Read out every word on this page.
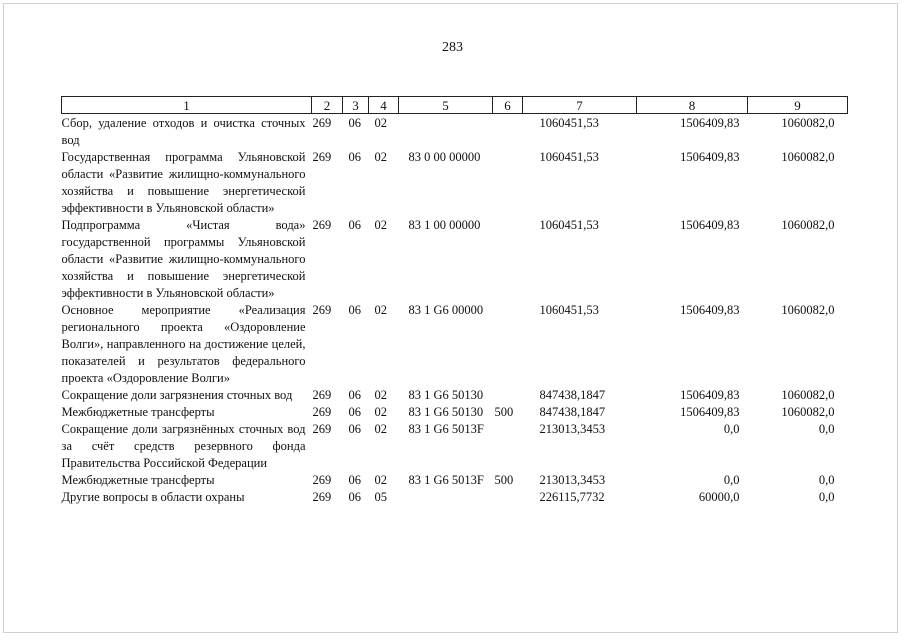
283
1	2	3	4	5	6	7	8	9
Сбор, удаление отходов и очистка сточных вод	269	06	02			1060451,53	1506409,83	1060082,0
Государственная программа Ульяновской области «Развитие жилищно-коммунального хозяйства и повышение энергетической эффективности в Ульяновской области»	269	06	02	83 0 00 00000		1060451,53	1506409,83	1060082,0
Подпрограмма «Чистая вода» государственной программы Ульяновской области «Развитие жилищно-коммунального хозяйства и повышение энергетической эффективности в Ульяновской области»	269	06	02	83 1 00 00000		1060451,53	1506409,83	1060082,0
Основное мероприятие «Реализация регионального проекта «Оздоровление Волги», направленного на достижение целей, показателей и результатов федерального проекта «Оздоровление Волги»	269	06	02	83 1 G6 00000		1060451,53	1506409,83	1060082,0
Сокращение доли загрязнения сточных вод	269	06	02	83 1 G6 50130		847438,1847	1506409,83	1060082,0
Межбюджетные трансферты	269	06	02	83 1 G6 50130	500	847438,1847	1506409,83	1060082,0
Сокращение доли загрязнённых сточных вод за счёт средств резервного фонда Правительства Российской Федерации	269	06	02	83 1 G6 5013F		213013,3453	0,0	0,0
Межбюджетные трансферты	269	06	02	83 1 G6 5013F	500	213013,3453	0,0	0,0
Другие вопросы в области охраны	269	06	05			226115,7732	60000,0	0,0
